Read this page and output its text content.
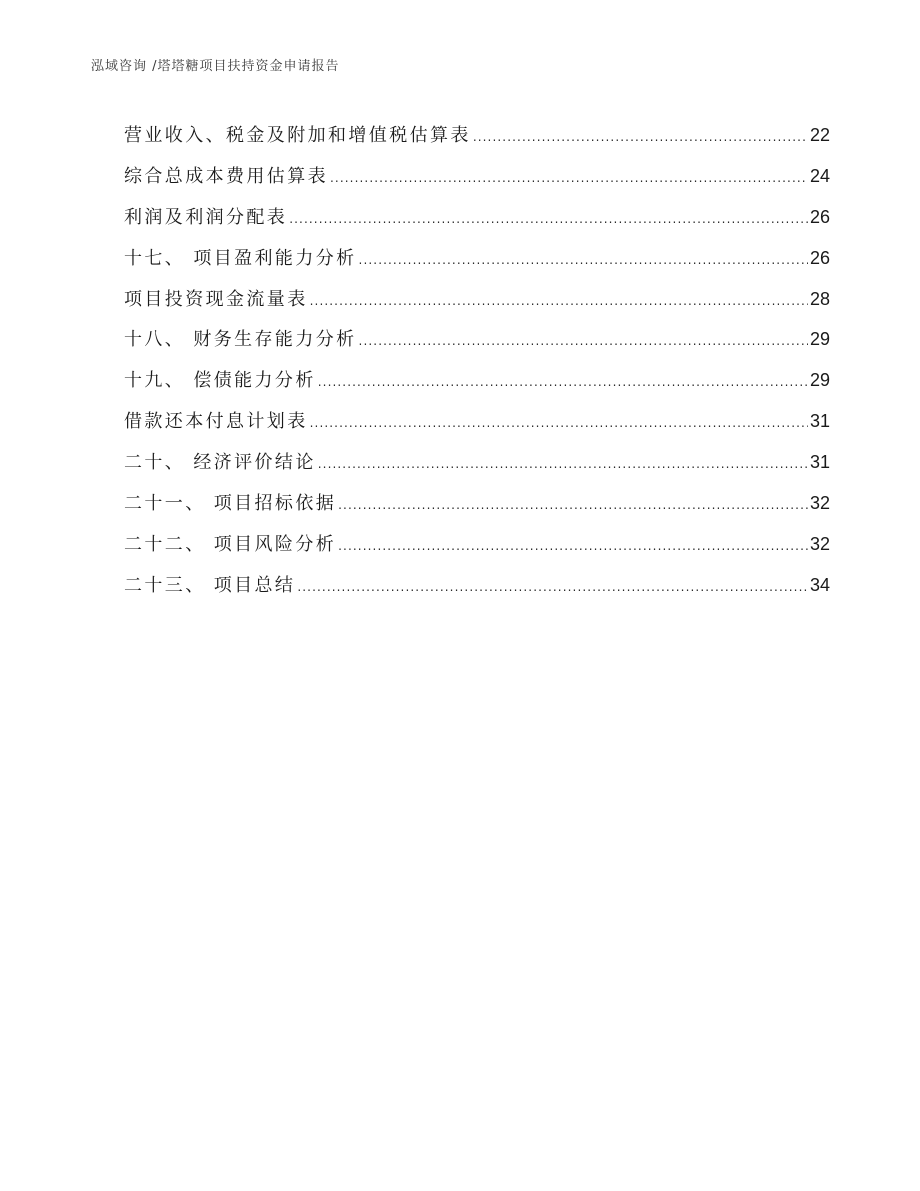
泓域咨询 /塔塔糖项目扶持资金申请报告
营业收入、税金及附加和增值税估算表 .....	22
综合总成本费用估算表 .....	24
利润及利润分配表 .....	26
十七、 项目盈利能力分析 .....	26
项目投资现金流量表 .....	28
十八、 财务生存能力分析 .....	29
十九、 偿债能力分析 .....	29
借款还本付息计划表 .....	31
二十、 经济评价结论 .....	31
二十一、 项目招标依据 .....	32
二十二、 项目风险分析 .....	32
二十三、 项目总结 .....	34
